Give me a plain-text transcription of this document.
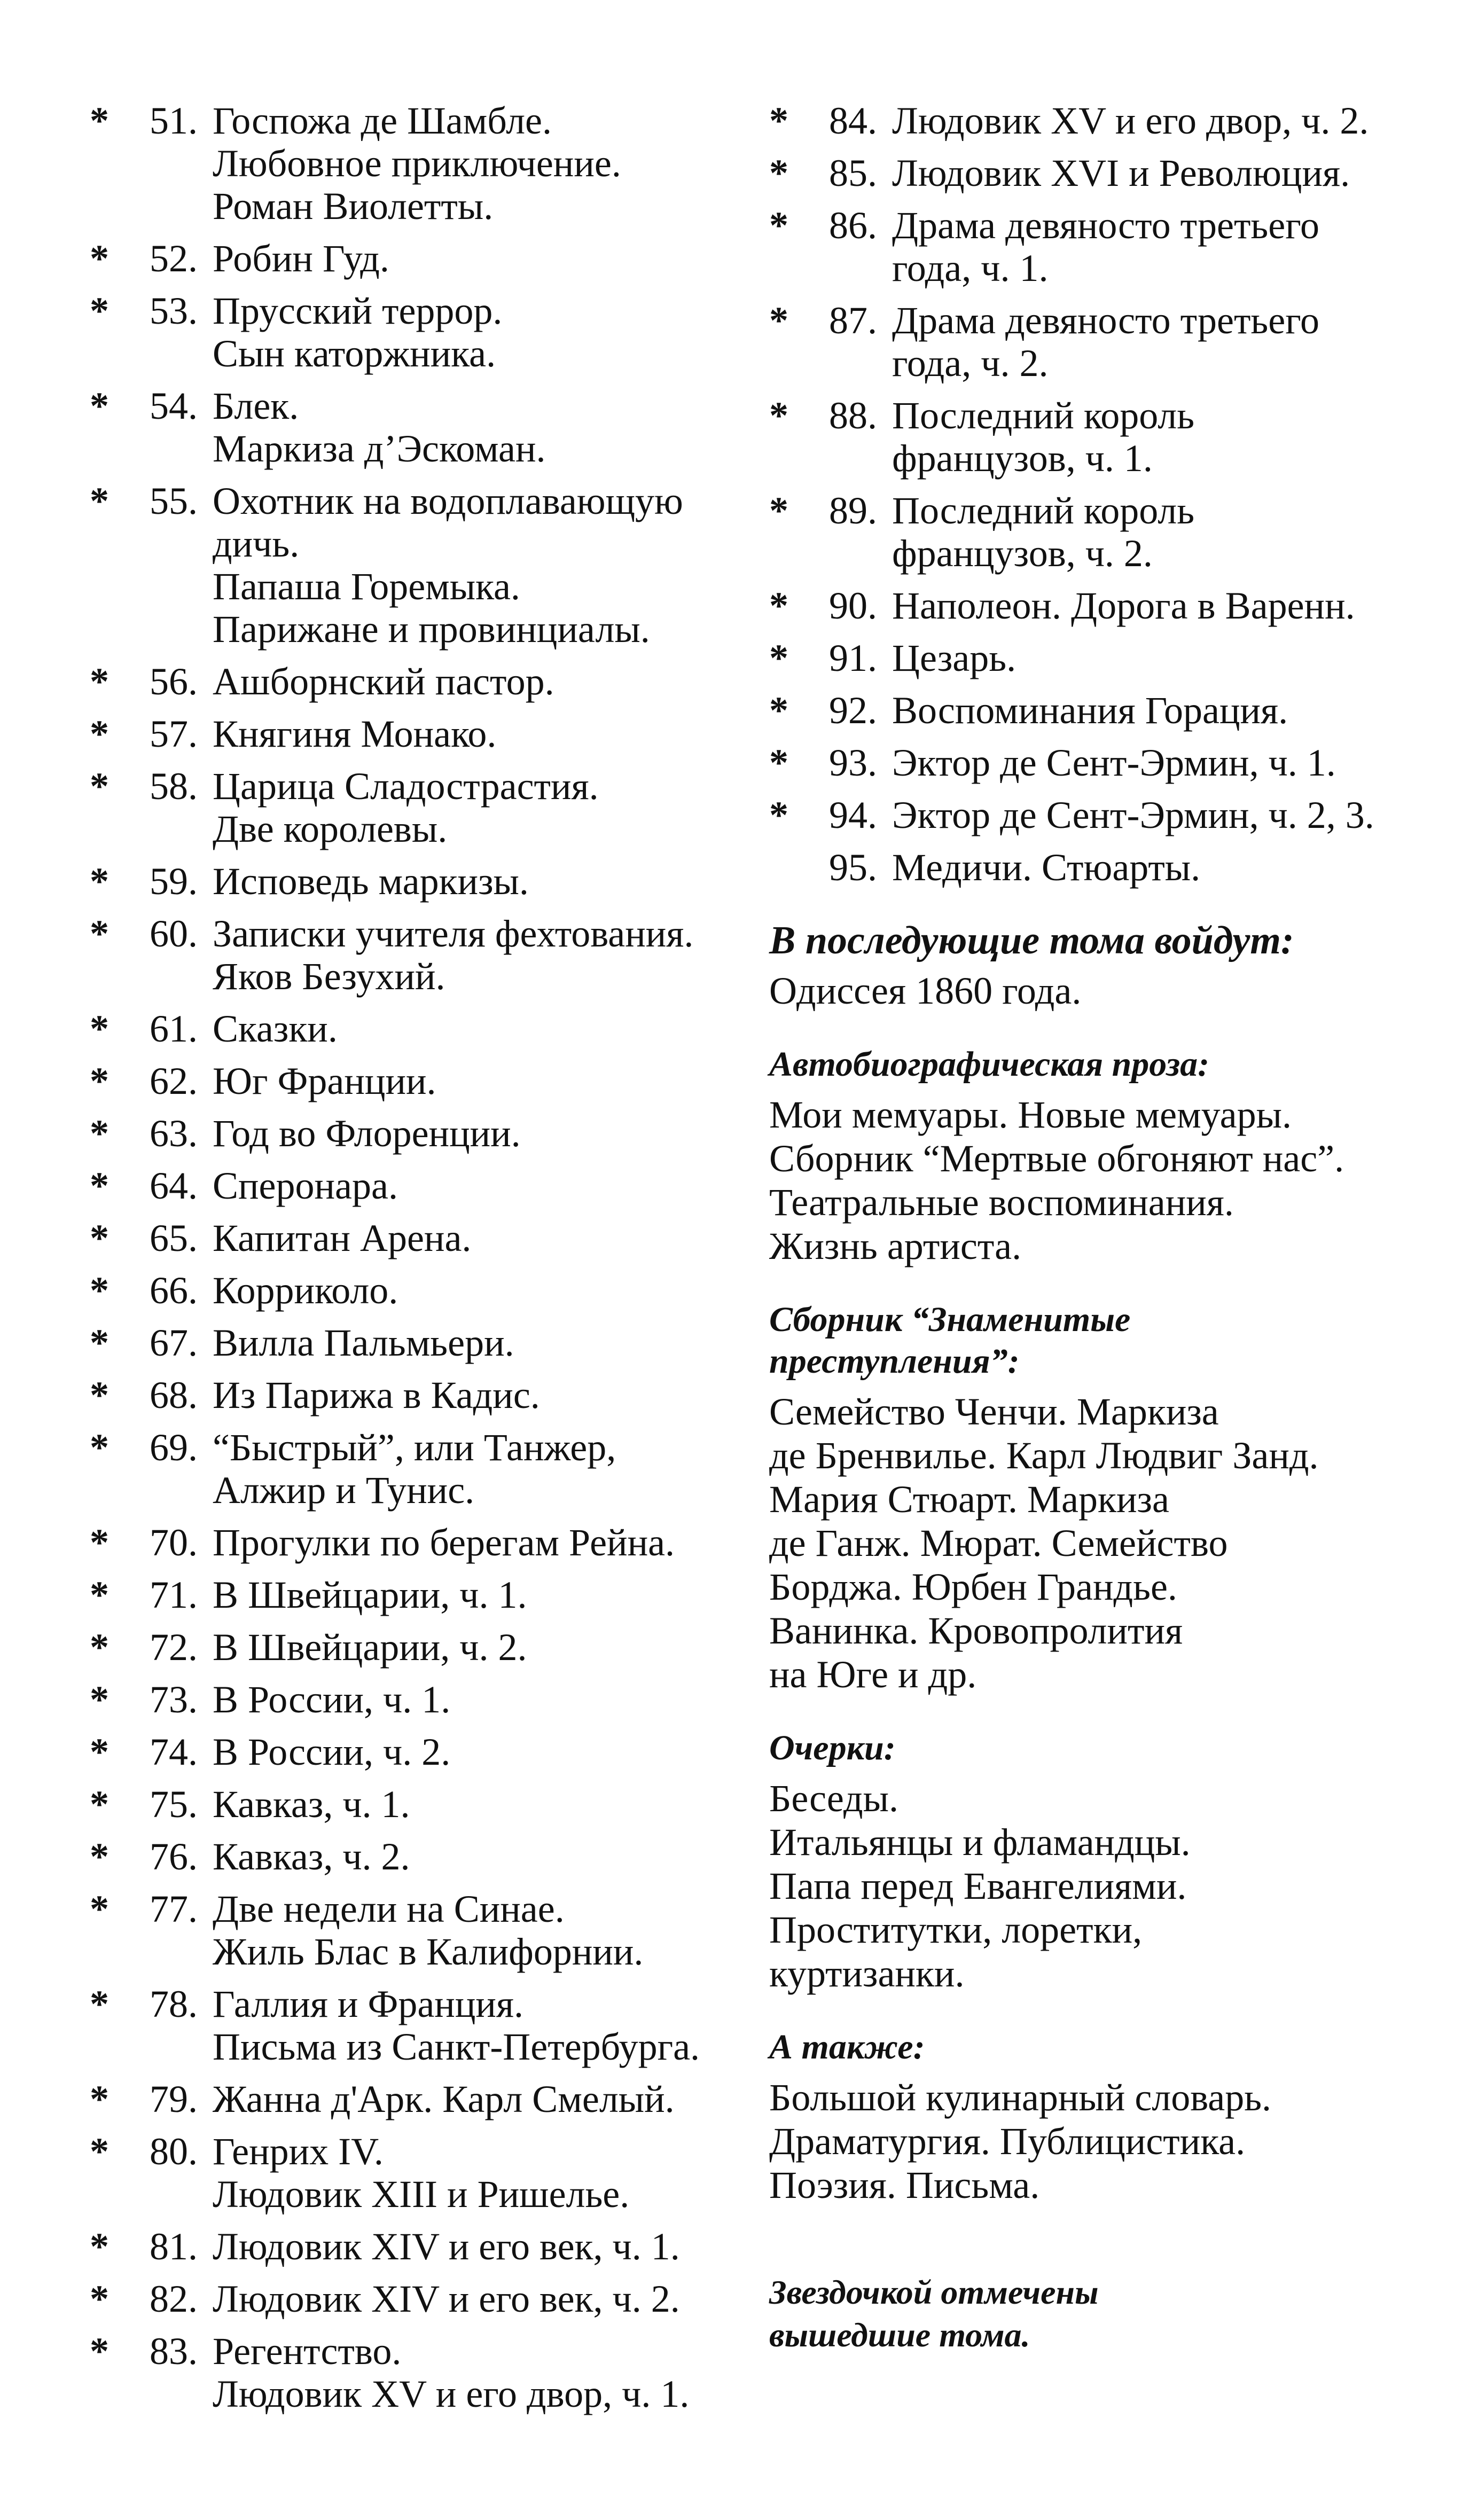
*	51. Госпожа де Шамбле.
Любовное приключение.
Роман Виолетты.
*	52. Робин Гуд.
*	53. Прусский террор.
Сын каторжника.
*	54. Блек.
Маркиза д’Эскоман.
*	55. Охотник на водоплавающую
дичь.
Папаша Горемыка.
Парижане и провинциалы.
*	56. Ашборнский пастор.
*	57. Княгиня Монако.
*	58. Царица Сладострастия.
Две королевы.
*	59. Исповедь маркизы.
*	60. Записки учителя фехтования.
Яков Безухий.
*	61. Сказки.
*	62. Юг Франции.
*	63. Год во Флоренции.
*	64. Сперонара.
*	65. Капитан Арена.
*	66. Корриколо.
*	67. Вилла Пальмьери.
*	68. Из Парижа в Кадис.
*	69. “Быстрый”, или Танжер,
Алжир и Тунис.
*	70. Прогулки по берегам Рейна.
*	71. В Швейцарии, ч. 1.
*	72. В Швейцарии, ч. 2.
*	73. В России, ч. 1.
*	74. В России, ч. 2.
*	75. Кавказ, ч. 1.
*	76. Кавказ, ч. 2.
*	77. Две недели на Синае.
Жиль Блас в Калифорнии.
*	78. Галлия и Франция.
Письма из Санкт-Петербурга.
*	79. Жанна д'Арк. Карл Смелый.
*	80. Генрих IV.
Людовик XIII и Ришелье.
*	81. Людовик XIV и его век, ч. 1.
*	82. Людовик XIV и его век, ч. 2.
*	83. Регентство.
Людовик XV и его двор, ч. 1.
*	84. Людовик XV и его двор, ч. 2.
*	85. Людовик XVI и Революция.
*	86. Драма девяносто третьего
года, ч. 1.
*	87. Драма девяносто третьего
года, ч. 2.
*	88. Последний король
французов, ч. 1.
*	89. Последний король
французов, ч. 2.
*	90. Наполеон. Дорога в Варенн.
*	91. Цезарь.
*	92. Воспоминания Горация.
*	93. Эктор де Сент-Эрмин, ч. 1.
*	94. Эктор де Сент-Эрмин, ч. 2, 3.
95. Медичи. Стюарты.
В последующие тома войдут:
Одиссея 1860 года.
Автобиографическая проза:
Мои мемуары. Новые мемуары.
Сборник “Мертвые обгоняют нас”.
Театральные воспоминания.
Жизнь артиста.
Сборник “Знаменитые
преступления”:
Семейство Ченчи. Маркиза
де Бренвилье. Карл Людвиг Занд.
Мария Стюарт. Маркиза
де Ганж. Мюрат. Семейство
Борджа. Юрбен Грандье.
Ванинка. Кровопролития
на Юге и др.
Очерки:
Беседы.
Итальянцы и фламандцы.
Папа перед Евангелиями.
Проститутки, лоретки,
куртизанки.
А также:
Большой кулинарный словарь.
Драматургия. Публицистика.
Поэзия. Письма.
Звездочкой отмечены
вышедшие тома.
